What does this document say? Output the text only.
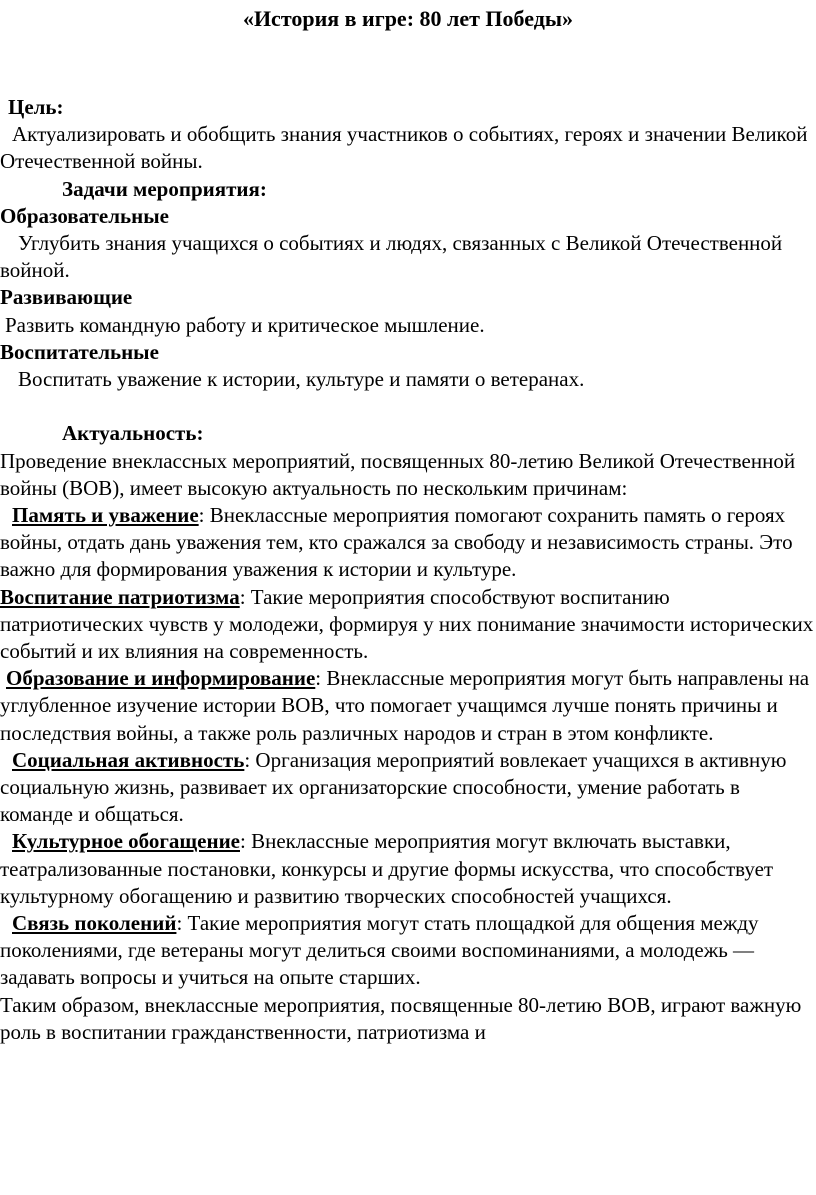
«История в игре: 80 лет Победы»

Цель:

Актуализировать и обобщить знания участников о событиях, героях и значении Великой Отечественной войны.

Задачи мероприятия:

Образовательные

Углубить знания учащихся о событиях и людях, связанных с Великой Отечественной войной.

Развивающие

Развить командную работу и критическое мышление.

Воспитательные

Воспитать уважение к истории, культуре и памяти о ветеранах.

Актуальность:

Проведение внеклассных мероприятий, посвященных 80-летию Великой Отечественной войны (ВОВ), имеет высокую актуальность по нескольким причинам:

Память и уважение: Внеклассные мероприятия помогают сохранить память о героях войны, отдать дань уважения тем, кто сражался за свободу и независимость страны. Это важно для формирования уважения к истории и культуре.

Воспитание патриотизма: Такие мероприятия способствуют воспитанию патриотических чувств у молодежи, формируя у них понимание значимости исторических событий и их влияния на современность.

Образование и информирование: Внеклассные мероприятия могут быть направлены на углубленное изучение истории ВОВ, что помогает учащимся лучше понять причины и последствия войны, а также роль различных народов и стран в этом конфликте.

Социальная активность: Организация мероприятий вовлекает учащихся в активную социальную жизнь, развивает их организаторские способности, умение работать в команде и общаться.

Культурное обогащение: Внеклассные мероприятия могут включать выставки, театрализованные постановки, конкурсы и другие формы искусства, что способствует культурному обогащению и развитию творческих способностей учащихся.

Связь поколений: Такие мероприятия могут стать площадкой для общения между поколениями, где ветераны могут делиться своими воспоминаниями, а молодежь — задавать вопросы и учиться на опыте старших.

Таким образом, внеклассные мероприятия, посвященные 80-летию ВОВ, играют важную роль в воспитании гражданственности, патриотизма и
